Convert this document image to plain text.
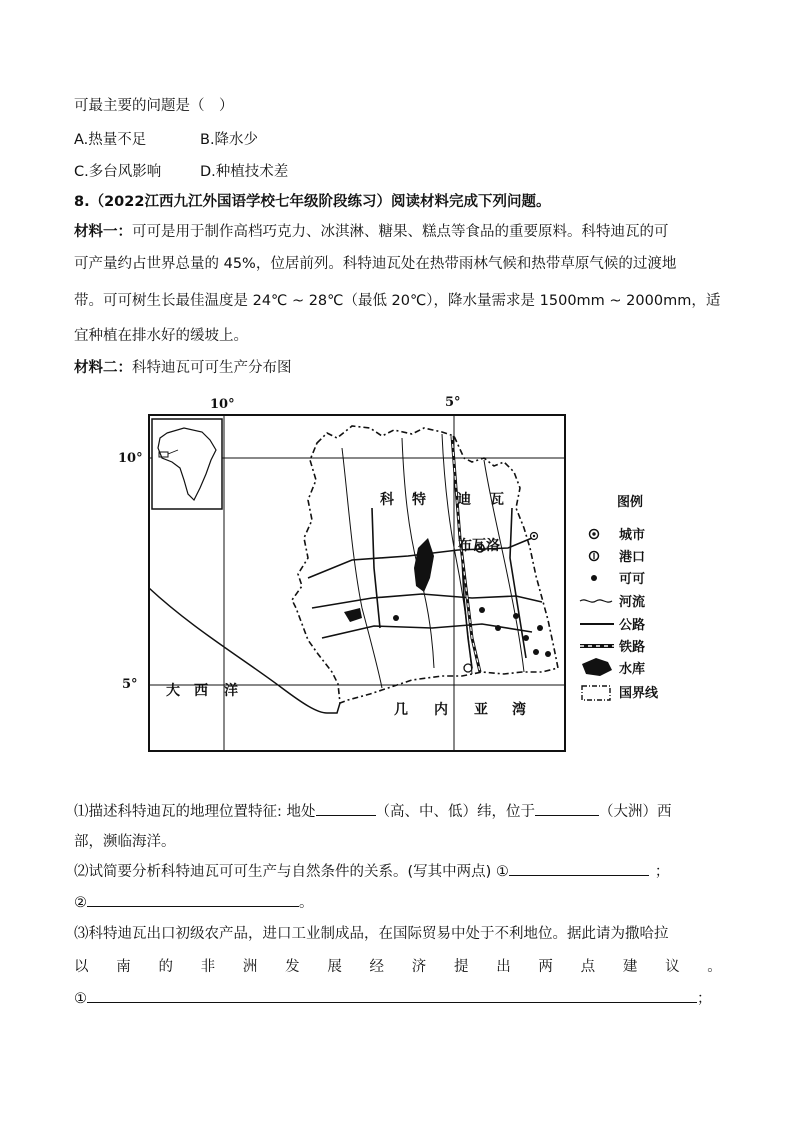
可最主要的问题是（　）
A.热量不足	B.降水少
C.多台风影响	D.种植技术差
8.（2022江西九江外国语学校七年级阶段练习）阅读材料完成下列问题。
材料一：可可是用于制作高档巧克力、冰淇淋、糖果、糕点等食品的重要原料。科特迪瓦的可
可产量约占世界总量的 45%，位居前列。科特迪瓦处在热带雨林气候和热带草原气候的过渡地
带。可可树生长最佳温度是 24℃ ~ 28℃（最低 20℃），降水量需求是 1500mm ~ 2000mm，适
宜种植在排水好的缓坡上。
材料二：科特迪瓦可可生产分布图
10°	5°
10°
5°
科 特 迪 瓦
布瓦洛
大 西 洋
几 内 亚 湾
图例
城市
港口
可可
河流
公路
铁路
水库
国界线
⑴描述科特迪瓦的地理位置特征: 地处	（高、中、低）纬，位于	（大洲）西
部，濒临海洋。
⑵试简要分析科特迪瓦可可生产与自然条件的关系。(写其中两点) ①	；
②	。
⑶科特迪瓦出口初级农产品，进口工业制成品，在国际贸易中处于不利地位。据此请为撒哈拉
以 南 的 非 洲 发 展 经 济 提 出 两 点 建 议 。
①	；
